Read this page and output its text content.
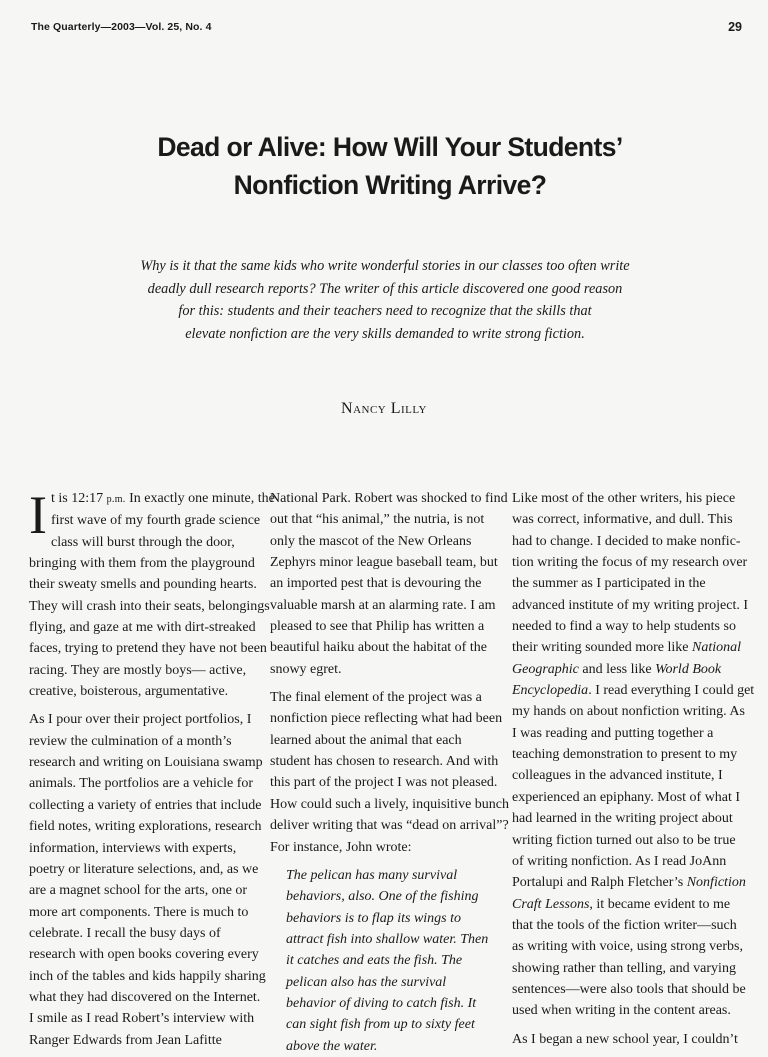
The Quarterly—2003—Vol. 25, No. 4	29
Dead or Alive: How Will Your Students’
Nonfiction Writing Arrive?
Why is it that the same kids who write wonderful stories in our classes too often write
deadly dull research reports? The writer of this article discovered one good reason
for this: students and their teachers need to recognize that the skills that
elevate nonfiction are the very skills demanded to write strong fiction.
Nancy Lilly
I t is 12:17 p.m. In exactly one minute, the
first wave of my fourth grade science
class will burst through the door,
bringing with them from the playground
their sweaty smells and pounding hearts.
They will crash into their seats, belongings
flying, and gaze at me with dirt-streaked
faces, trying to pretend they have not been
racing. They are mostly boys— active,
creative, boisterous, argumentative.
As I pour over their project portfolios, I
review the culmination of a month’s
research and writing on Louisiana swamp
animals. The portfolios are a vehicle for
collecting a variety of entries that include
field notes, writing explorations, research
information, interviews with experts,
poetry or literature selections, and, as we
are a magnet school for the arts, one or
more art components. There is much to
celebrate. I recall the busy days of
research with open books covering every
inch of the tables and kids happily sharing
what they had discovered on the Internet.
I smile as I read Robert’s interview with
Ranger Edwards from Jean Lafitte
National Park. Robert was shocked to find
out that “his animal,” the nutria, is not
only the mascot of the New Orleans
Zephyrs minor league baseball team, but
an imported pest that is devouring the
valuable marsh at an alarming rate. I am
pleased to see that Philip has written a
beautiful haiku about the habitat of the
snowy egret.
The final element of the project was a
nonfiction piece reflecting what had been
learned about the animal that each
student has chosen to research. And with
this part of the project I was not pleased.
How could such a lively, inquisitive bunch
deliver writing that was “dead on arrival”?
For instance, John wrote:
The pelican has many survival
behaviors, also. One of the fishing
behaviors is to flap its wings to
attract fish into shallow water. Then
it catches and eats the fish. The
pelican also has the survival
behavior of diving to catch fish. It
can sight fish from up to sixty feet
above the water.
Like most of the other writers, his piece
was correct, informative, and dull. This
had to change. I decided to make nonfic-
tion writing the focus of my research over
the summer as I participated in the
advanced institute of my writing project. I
needed to find a way to help students so
their writing sounded more like National
Geographic and less like World Book
Encyclopedia. I read everything I could get
my hands on about nonfiction writing. As
I was reading and putting together a
teaching demonstration to present to my
colleagues in the advanced institute, I
experienced an epiphany. Most of what I
had learned in the writing project about
writing fiction turned out also to be true
of writing nonfiction. As I read JoAnn
Portalupi and Ralph Fletcher’s Nonfiction
Craft Lessons, it became evident to me
that the tools of the fiction writer—such
as writing with voice, using strong verbs,
showing rather than telling, and varying
sentences—were also tools that should be
used when writing in the content areas.
As I began a new school year, I couldn’t
